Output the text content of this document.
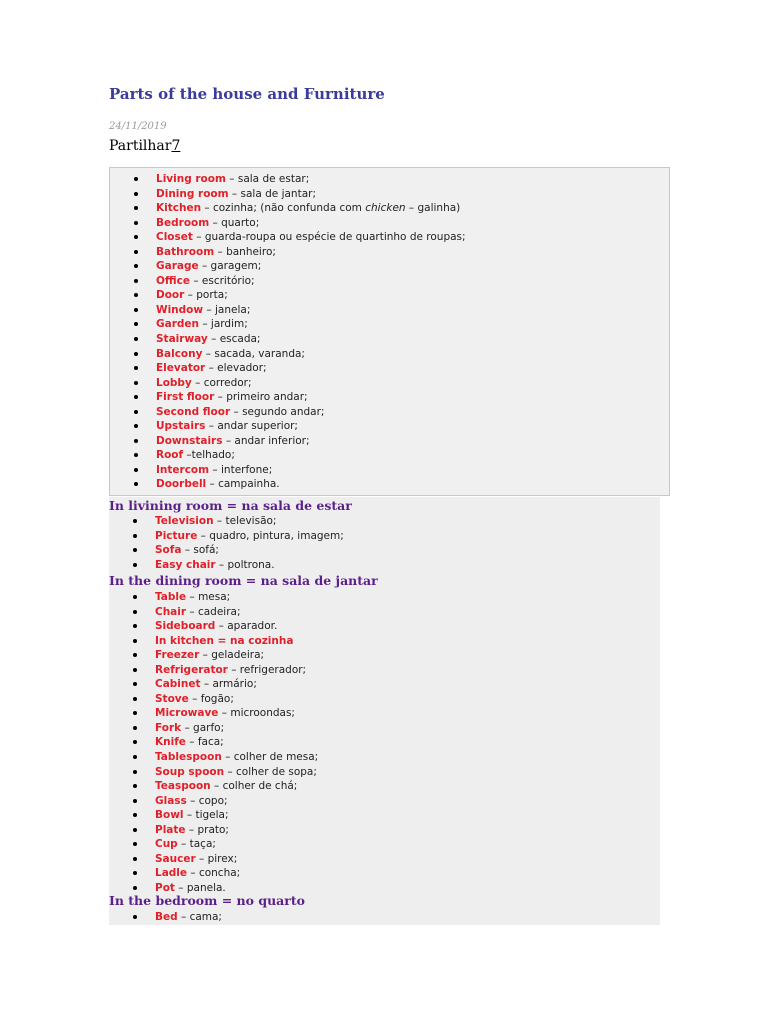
Parts of the house and Furniture
24/11/2019
Partilhar7
Living room – sala de estar;
Dining room – sala de jantar;
Kitchen – cozinha; (não confunda com chicken – galinha)
Bedroom – quarto;
Closet – guarda-roupa ou espécie de quartinho de roupas;
Bathroom – banheiro;
Garage – garagem;
Office – escritório;
Door – porta;
Window – janela;
Garden – jardim;
Stairway – escada;
Balcony – sacada, varanda;
Elevator – elevador;
Lobby – corredor;
First floor – primeiro andar;
Second floor – segundo andar;
Upstairs – andar superior;
Downstairs – andar inferior;
Roof –telhado;
Intercom – interfone;
Doorbell – campainha.
In livining room = na sala de estar
Television – televisão;
Picture – quadro, pintura, imagem;
Sofa – sofá;
Easy chair – poltrona.
In the dining room = na sala de jantar
Table – mesa;
Chair – cadeira;
Sideboard – aparador.
In kitchen = na cozinha
Freezer – geladeira;
Refrigerator – refrigerador;
Cabinet – armário;
Stove – fogão;
Microwave – microondas;
Fork – garfo;
Knife – faca;
Tablespoon – colher de mesa;
Soup spoon – colher de sopa;
Teaspoon – colher de chá;
Glass – copo;
Bowl – tigela;
Plate – prato;
Cup – taça;
Saucer – pirex;
Ladle – concha;
Pot – panela.
In the bedroom = no quarto
Bed – cama;
